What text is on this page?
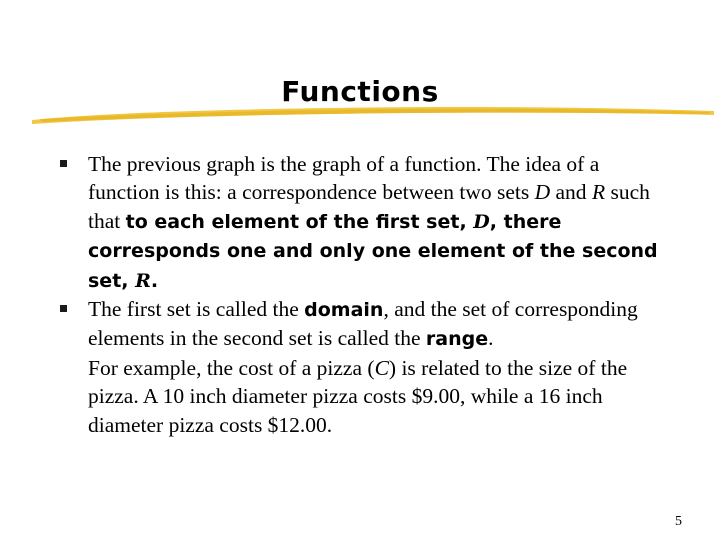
Functions
The previous graph is the graph of a function. The idea of a function is this: a correspondence between two sets D and R such that to each element of the first set, D, there corresponds one and only one element of the second set, R.
The first set is called the domain, and the set of corresponding elements in the second set is called the range.
For example, the cost of a pizza (C) is related to the size of the pizza. A 10 inch diameter pizza costs $9.00, while a 16 inch diameter pizza costs $12.00.
5
